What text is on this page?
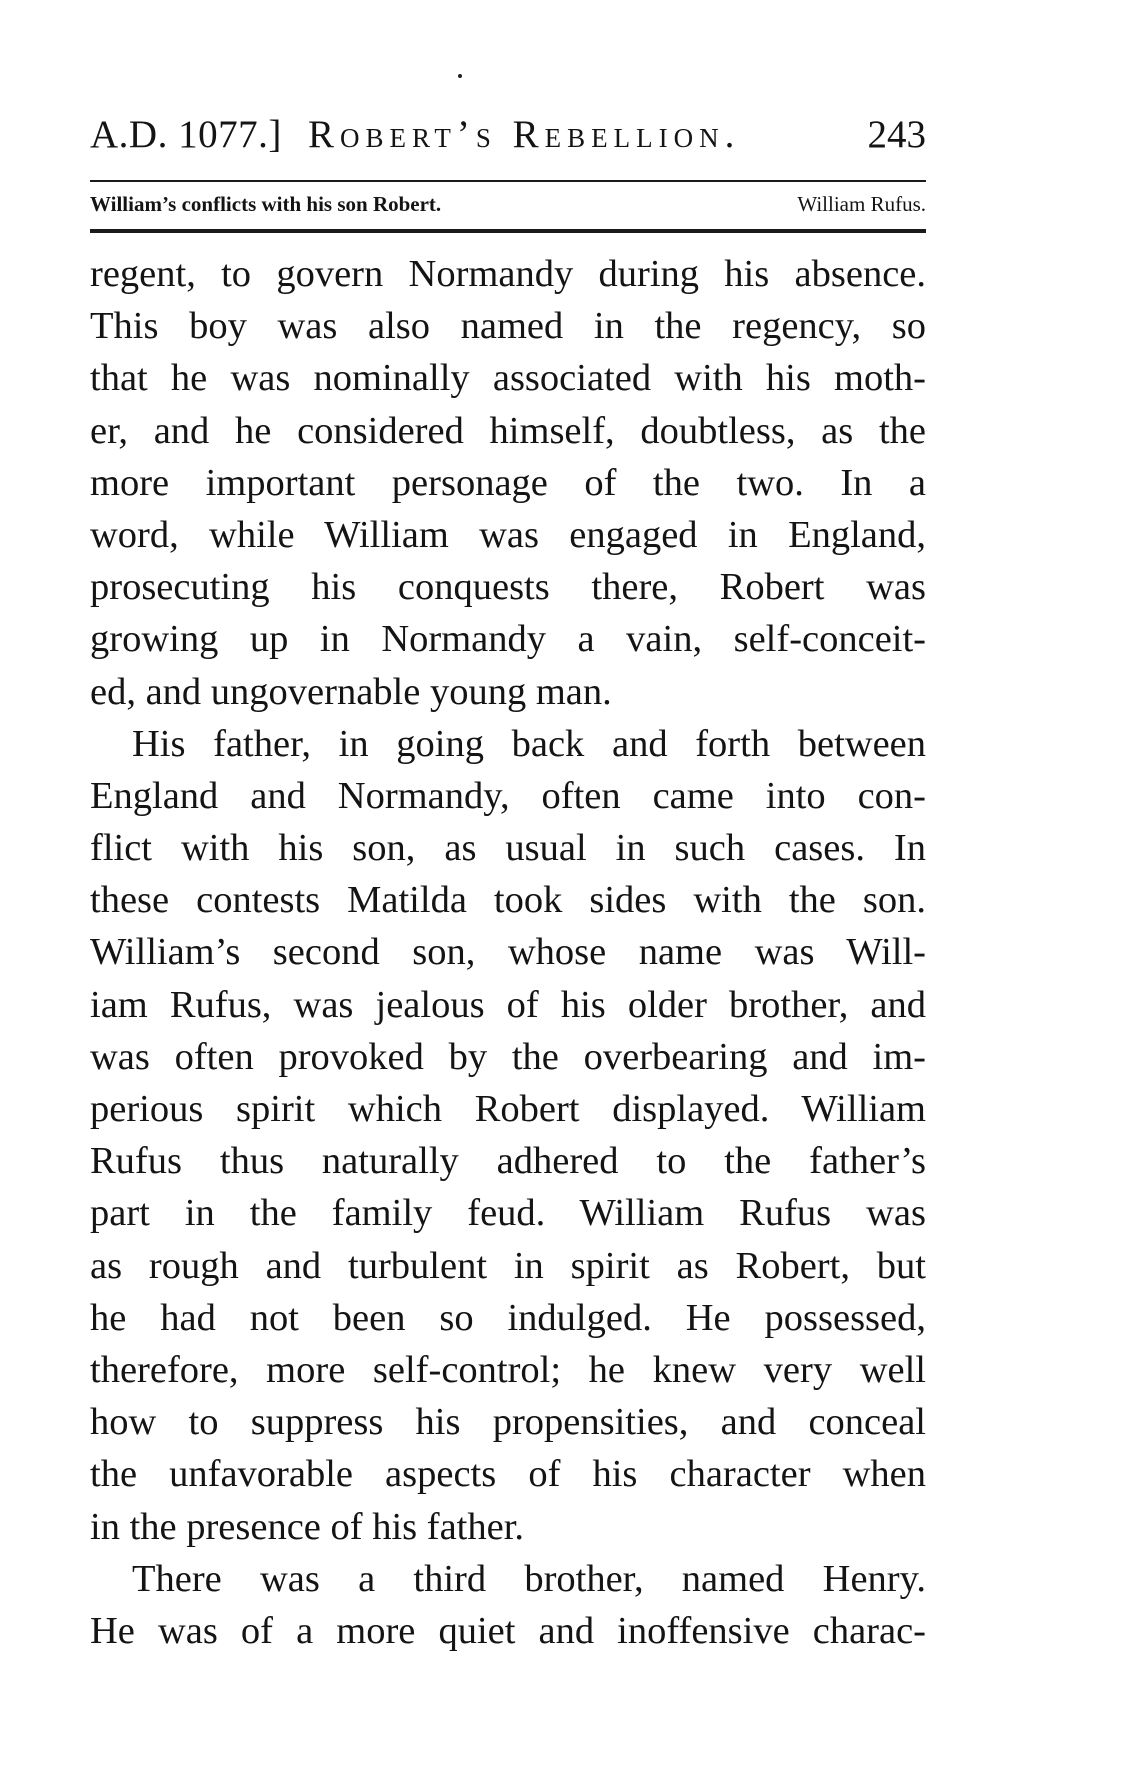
A.D. 1077.] Robert’s Rebellion.	243
William’s conflicts with his son Robert.	William Rufus.
regent, to govern Normandy during his absence.
This boy was also named in the regency, so
that he was nominally associated with his moth-
er, and he considered himself, doubtless, as the
more important personage of the two. In a
word, while William was engaged in England,
prosecuting his conquests there, Robert was
growing up in Normandy a vain, self-conceit-
ed, and ungovernable young man.
His father, in going back and forth between
England and Normandy, often came into con-
flict with his son, as usual in such cases. In
these contests Matilda took sides with the son.
William’s second son, whose name was Will-
iam Rufus, was jealous of his older brother, and
was often provoked by the overbearing and im-
perious spirit which Robert displayed. William
Rufus thus naturally adhered to the father’s
part in the family feud. William Rufus was
as rough and turbulent in spirit as Robert, but
he had not been so indulged. He possessed,
therefore, more self-control; he knew very well
how to suppress his propensities, and conceal
the unfavorable aspects of his character when
in the presence of his father.
There was a third brother, named Henry.
He was of a more quiet and inoffensive charac-
